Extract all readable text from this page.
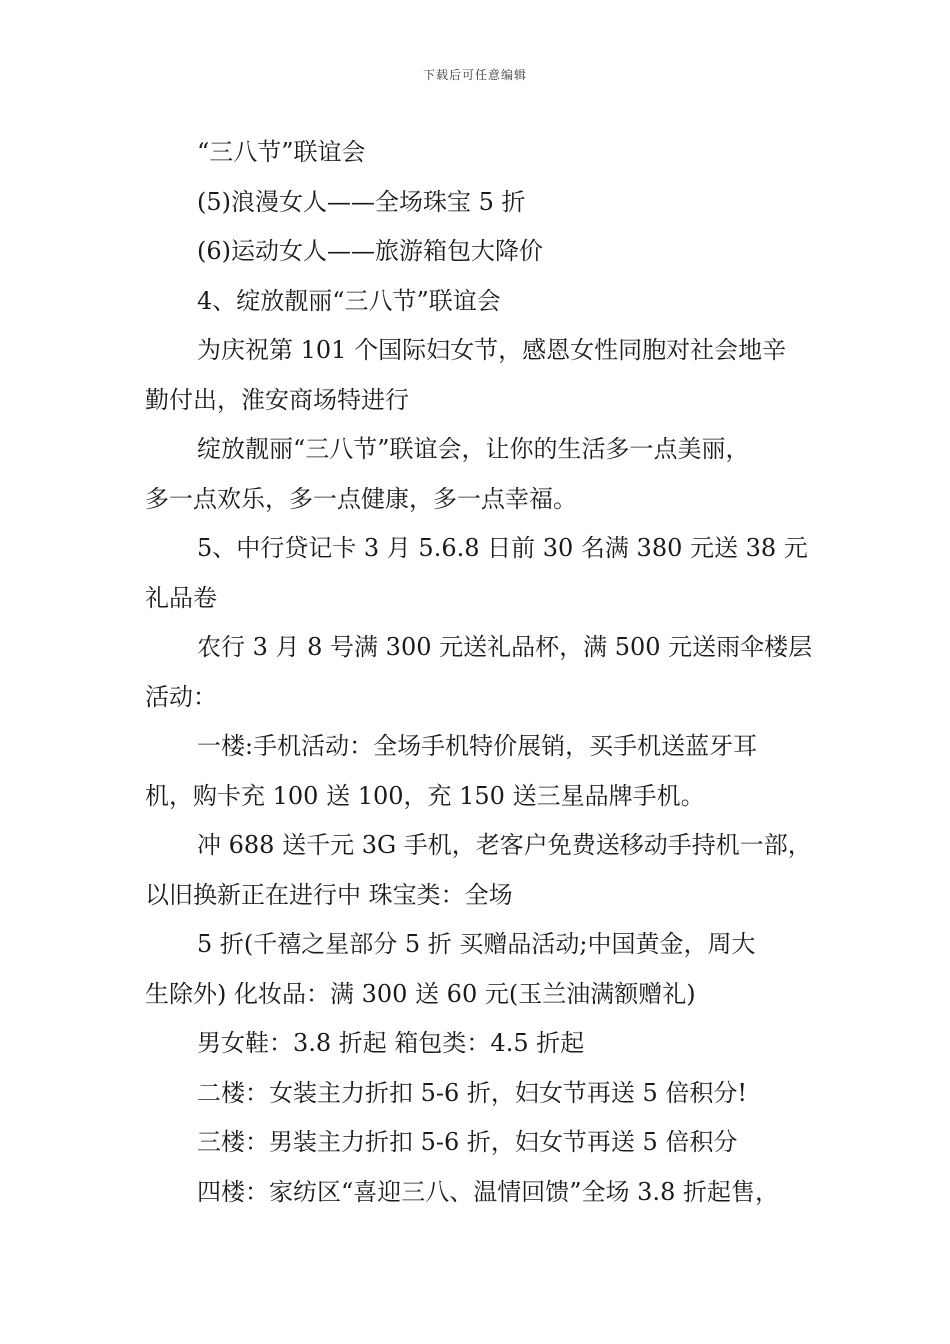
下载后可任意编辑
“三八节”联谊会
(5)浪漫女人——全场珠宝 5 折
(6)运动女人——旅游箱包大降价
4、绽放靓丽“三八节”联谊会
为庆祝第 101 个国际妇女节，感恩女性同胞对社会地辛
勤付出，淮安商场特进行
绽放靓丽“三八节”联谊会，让你的生活多一点美丽，
多一点欢乐，多一点健康，多一点幸福。
5、中行贷记卡 3 月 5.6.8 日前 30 名满 380 元送 38 元
礼品卷
农行 3 月 8 号满 300 元送礼品杯，满 500 元送雨伞楼层
活动：
一楼:手机活动：全场手机特价展销，买手机送蓝牙耳
机，购卡充 100 送 100，充 150 送三星品牌手机。
冲 688 送千元 3G 手机，老客户免费送移动手持机一部，
以旧换新正在进行中 珠宝类：全场
5 折(千禧之星部分 5 折 买赠品活动;中国黄金，周大
生除外) 化妆品：满 300 送 60 元(玉兰油满额赠礼)
男女鞋：3.8 折起 箱包类：4.5 折起
二楼：女装主力折扣 5-6 折，妇女节再送 5 倍积分!
三楼：男装主力折扣 5-6 折，妇女节再送 5 倍积分
四楼：家纺区“喜迎三八、温情回馈”全场 3.8 折起售，
